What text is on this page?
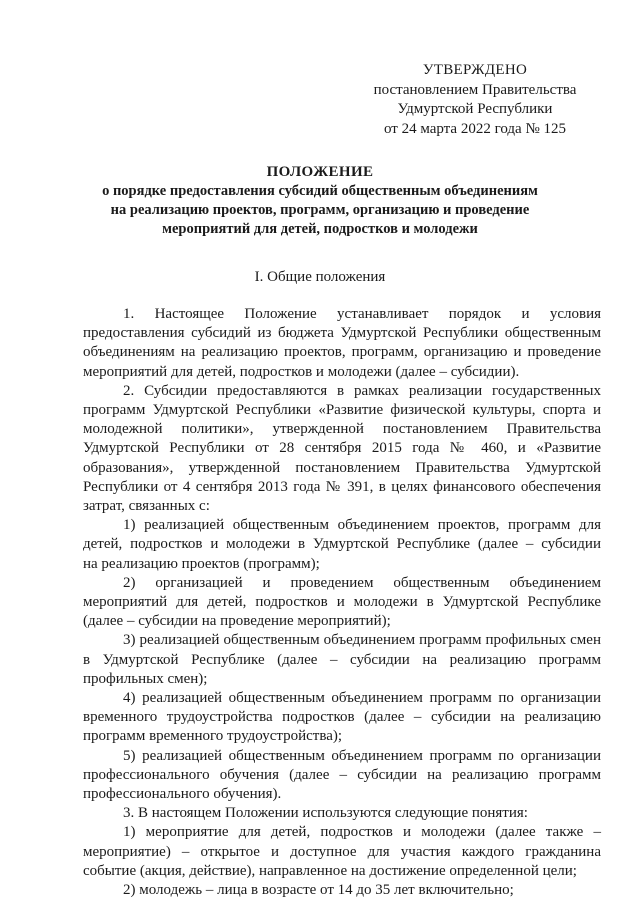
УТВЕРЖДЕНО
постановлением Правительства
Удмуртской Республики
от 24 марта 2022 года № 125
ПОЛОЖЕНИЕ
о порядке предоставления субсидий общественным объединениям
на реализацию проектов, программ, организацию и проведение
мероприятий для детей, подростков и молодежи
I. Общие положения
1. Настоящее Положение устанавливает порядок и условия
предоставления субсидий из бюджета Удмуртской Республики общественным
объединениям на реализацию проектов, программ, организацию и проведение
мероприятий для детей, подростков и молодежи (далее – субсидии).
2. Субсидии предоставляются в рамках реализации государственных
программ Удмуртской Республики «Развитие физической культуры, спорта и
молодежной политики», утвержденной постановлением Правительства
Удмуртской Республики от 28 сентября 2015 года № 460, и «Развитие
образования», утвержденной постановлением Правительства Удмуртской
Республики от 4 сентября 2013 года № 391, в целях финансового обеспечения
затрат, связанных с:
1) реализацией общественным объединением проектов, программ для
детей, подростков и молодежи в Удмуртской Республике (далее – субсидии
на реализацию проектов (программ);
2) организацией и проведением общественным объединением
мероприятий для детей, подростков и молодежи в Удмуртской Республике
(далее – субсидии на проведение мероприятий);
3) реализацией общественным объединением программ профильных смен
в Удмуртской Республике (далее – субсидии на реализацию программ
профильных смен);
4) реализацией общественным объединением программ по организации
временного трудоустройства подростков (далее – субсидии на реализацию
программ временного трудоустройства);
5) реализацией общественным объединением программ по организации
профессионального обучения (далее – субсидии на реализацию программ
профессионального обучения).
3. В настоящем Положении используются следующие понятия:
1) мероприятие для детей, подростков и молодежи (далее также –
мероприятие) – открытое и доступное для участия каждого гражданина
событие (акция, действие), направленное на достижение определенной цели;
2) молодежь – лица в возрасте от 14 до 35 лет включительно;
